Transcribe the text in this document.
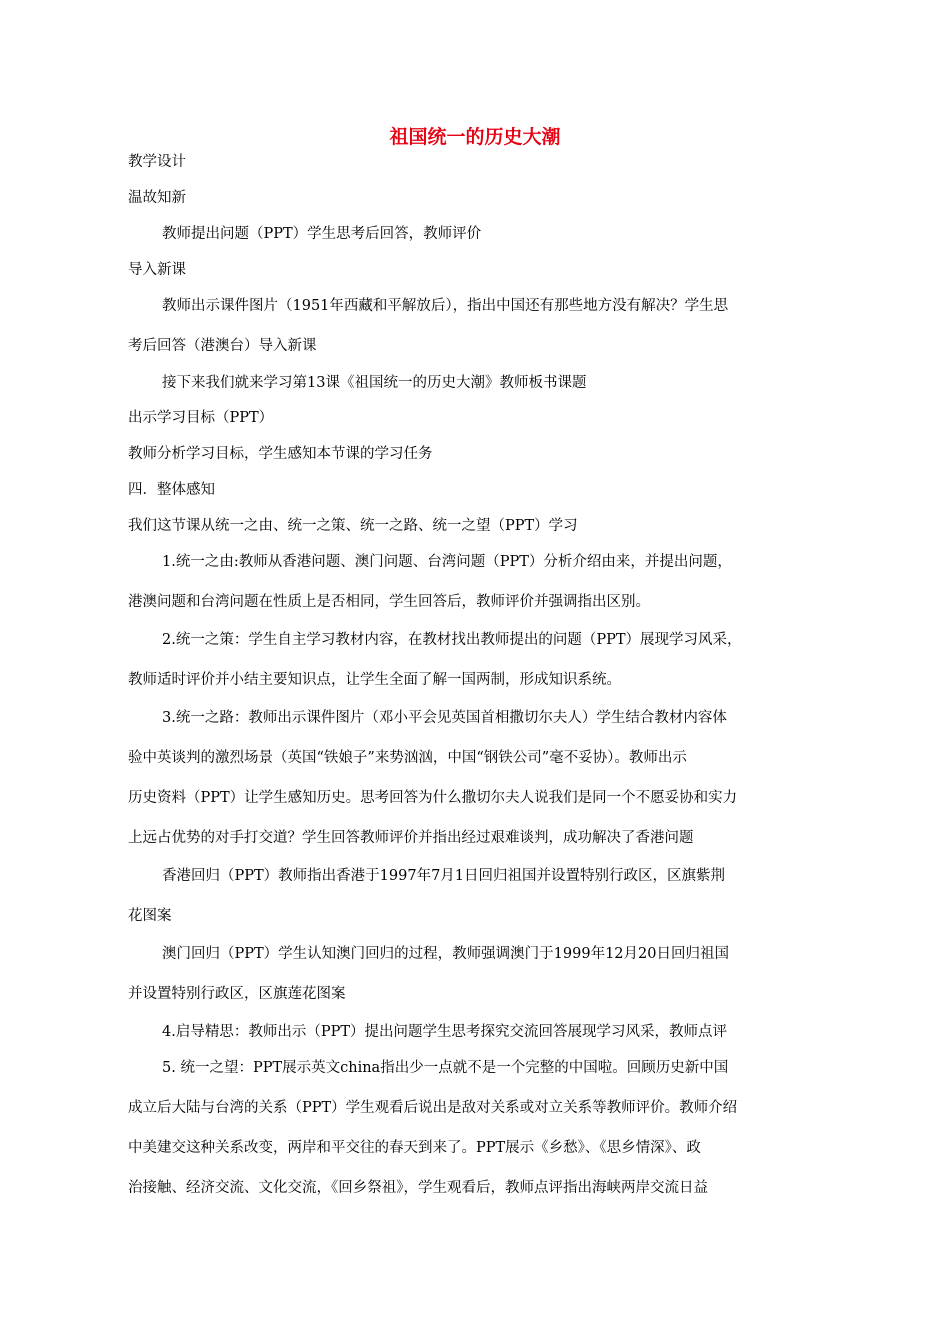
祖国统一的历史大潮
教学设计
温故知新
教师提出问题（PPT）学生思考后回答，教师评价
导入新课
教师出示课件图片（1951年西藏和平解放后），指出中国还有那些地方没有解决？学生思
考后回答（港澳台）导入新课
接下来我们就来学习第13课《祖国统一的历史大潮》教师板书课题
出示学习目标（PPT）
教师分析学习目标，学生感知本节课的学习任务
四．整体感知
我们这节课从统一之由、统一之策、统一之路、统一之望（PPT）学习
1.统一之由:教师从香港问题、澳门问题、台湾问题（PPT）分析介绍由来，并提出问题，
港澳问题和台湾问题在性质上是否相同，学生回答后，教师评价并强调指出区别。
2.统一之策：学生自主学习教材内容，在教材找出教师提出的问题（PPT）展现学习风采，
教师适时评价并小结主要知识点，让学生全面了解一国两制，形成知识系统。
3.统一之路：教师出示课件图片（邓小平会见英国首相撒切尔夫人）学生结合教材内容体
验中英谈判的激烈场景（英国“铁娘子”来势汹汹，中国“钢铁公司”毫不妥协）。教师出示
历史资料（PPT）让学生感知历史。思考回答为什么撒切尔夫人说我们是同一个不愿妥协和实力
上远占优势的对手打交道？学生回答教师评价并指出经过艰难谈判，成功解决了香港问题
香港回归（PPT）教师指出香港于1997年7月1日回归祖国并设置特别行政区，区旗紫荆
花图案
澳门回归（PPT）学生认知澳门回归的过程，教师强调澳门于1999年12月20日回归祖国
并设置特别行政区，区旗莲花图案
4.启导精思：教师出示（PPT）提出问题学生思考探究交流回答展现学习风采，教师点评
5. 统一之望：PPT展示英文china指出少一点就不是一个完整的中国啦。回顾历史新中国
成立后大陆与台湾的关系（PPT）学生观看后说出是敌对关系或对立关系等教师评价。教师介绍
中美建交这种关系改变，两岸和平交往的春天到来了。PPT展示《乡愁》、《思乡情深》、政
治接触、经济交流、文化交流，《回乡祭祖》，学生观看后，教师点评指出海峡两岸交流日益
